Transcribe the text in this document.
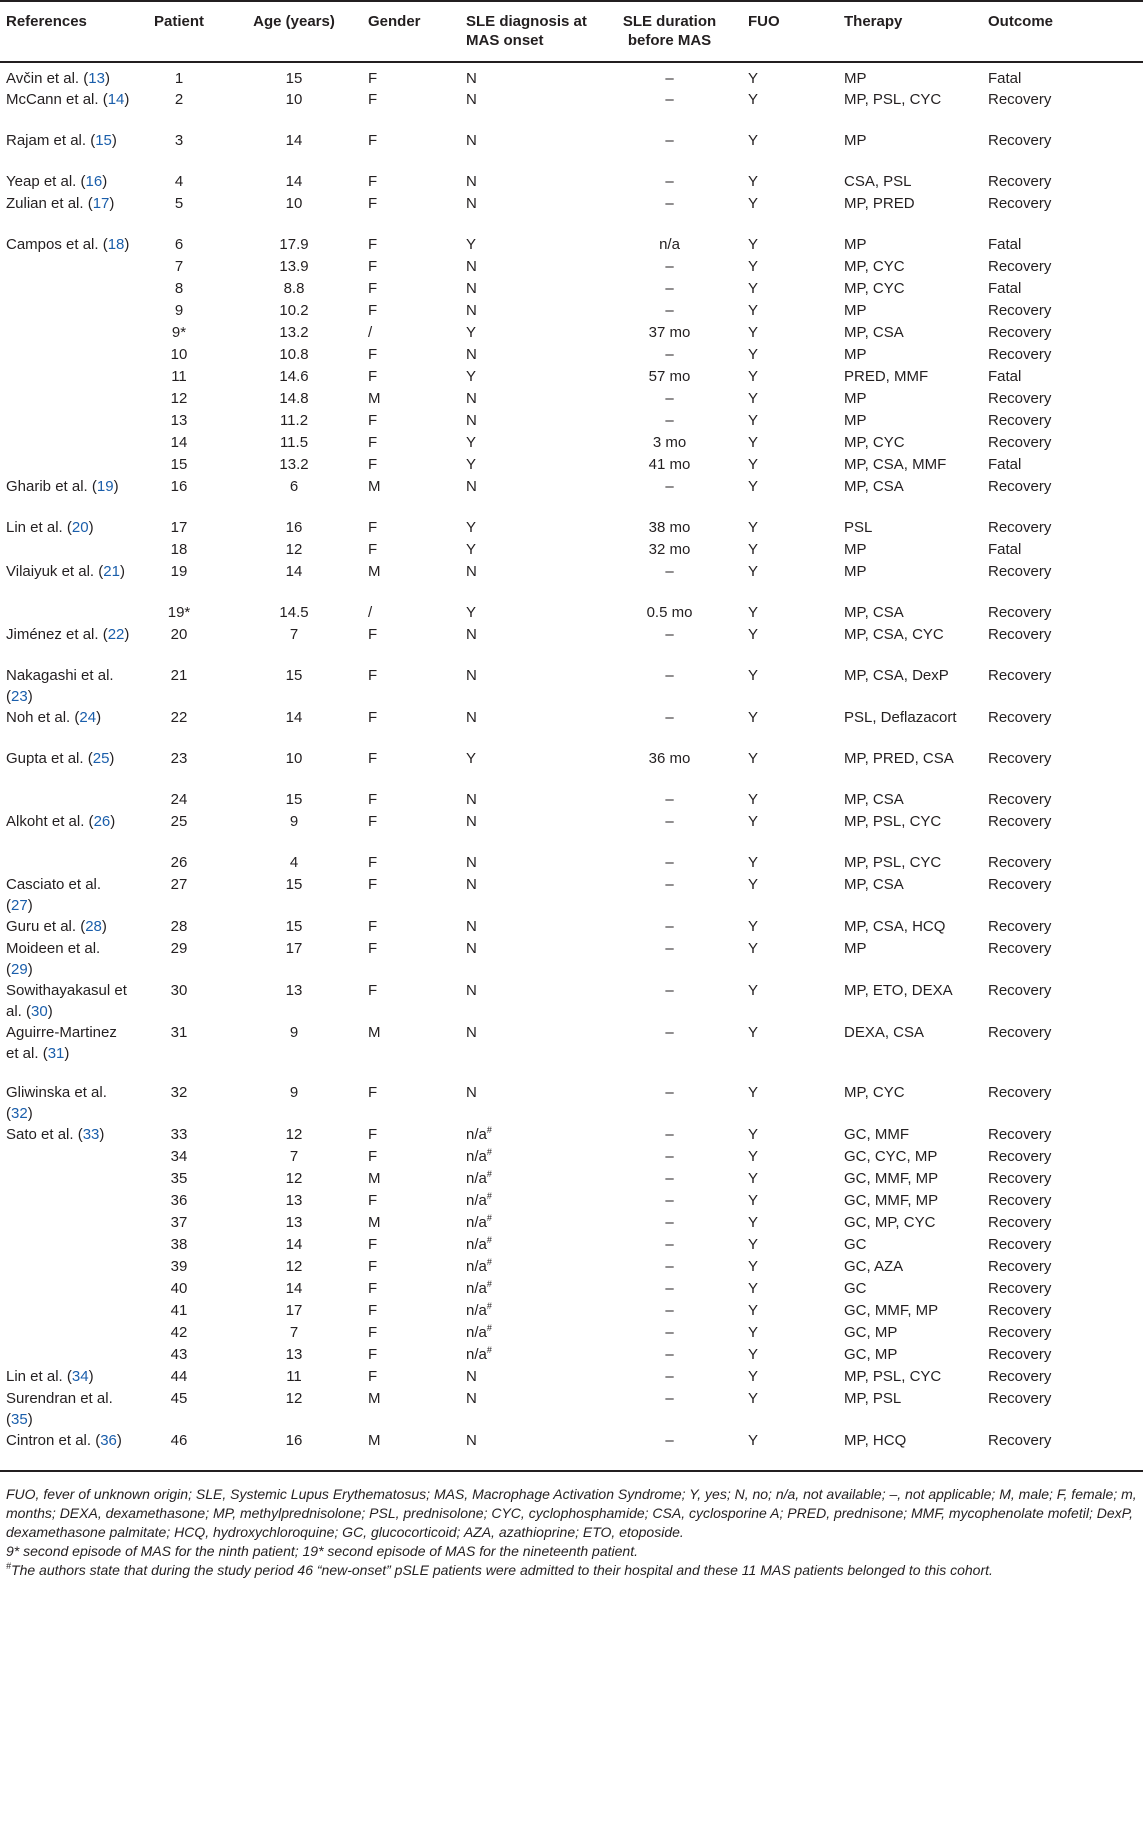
References	Patient	Age (years)	Gender	SLE diagnosis at MAS onset	SLE duration before MAS	FUO	Therapy	Outcome
Avčin et al. (13)	1	15	F	N	–	Y	MP	Fatal
McCann et al. (14)	2	10	F	N	–	Y	MP, PSL, CYC	Recovery
Rajam et al. (15)	3	14	F	N	–	Y	MP	Recovery
Yeap et al. (16)	4	14	F	N	–	Y	CSA, PSL	Recovery
Zulian et al. (17)	5	10	F	N	–	Y	MP, PRED	Recovery
Campos et al. (18)	6	17.9	F	Y	n/a	Y	MP	Fatal
	7	13.9	F	N	–	Y	MP, CYC	Recovery
	8	8.8	F	N	–	Y	MP, CYC	Fatal
	9	10.2	F	N	–	Y	MP	Recovery
	9*	13.2	/	Y	37 mo	Y	MP, CSA	Recovery
	10	10.8	F	N	–	Y	MP	Recovery
	11	14.6	F	Y	57 mo	Y	PRED, MMF	Fatal
	12	14.8	M	N	–	Y	MP	Recovery
	13	11.2	F	N	–	Y	MP	Recovery
	14	11.5	F	Y	3 mo	Y	MP, CYC	Recovery
	15	13.2	F	Y	41 mo	Y	MP, CSA, MMF	Fatal
Gharib et al. (19)	16	6	M	N	–	Y	MP, CSA	Recovery
Lin et al. (20)	17	16	F	Y	38 mo	Y	PSL	Recovery
	18	12	F	Y	32 mo	Y	MP	Fatal
Vilaiyuk et al. (21)	19	14	M	N	–	Y	MP	Recovery
	19*	14.5	/	Y	0.5 mo	Y	MP, CSA	Recovery
Jiménez et al. (22)	20	7	F	N	–	Y	MP, CSA, CYC	Recovery
Nakagashi et al. (23)	21	15	F	N	–	Y	MP, CSA, DexP	Recovery
Noh et al. (24)	22	14	F	N	–	Y	PSL, Deflazacort	Recovery
Gupta et al. (25)	23	10	F	Y	36 mo	Y	MP, PRED, CSA	Recovery
	24	15	F	N	–	Y	MP, CSA	Recovery
Alkoht et al. (26)	25	9	F	N	–	Y	MP, PSL, CYC	Recovery
	26	4	F	N	–	Y	MP, PSL, CYC	Recovery
Casciato et al. (27)	27	15	F	N	–	Y	MP, CSA	Recovery
Guru et al. (28)	28	15	F	N	–	Y	MP, CSA, HCQ	Recovery
Moideen et al. (29)	29	17	F	N	–	Y	MP	Recovery
Sowithayakasul et al. (30)	30	13	F	N	–	Y	MP, ETO, DEXA	Recovery
Aguirre-Martinez et al. (31)	31	9	M	N	–	Y	DEXA, CSA	Recovery
Gliwinska et al. (32)	32	9	F	N	–	Y	MP, CYC	Recovery
Sato et al. (33)	33	12	F	n/a#	–	Y	GC, MMF	Recovery
	34	7	F	n/a#	–	Y	GC, CYC, MP	Recovery
	35	12	M	n/a#	–	Y	GC, MMF, MP	Recovery
	36	13	F	n/a#	–	Y	GC, MMF, MP	Recovery
	37	13	M	n/a#	–	Y	GC, MP, CYC	Recovery
	38	14	F	n/a#	–	Y	GC	Recovery
	39	12	F	n/a#	–	Y	GC, AZA	Recovery
	40	14	F	n/a#	–	Y	GC	Recovery
	41	17	F	n/a#	–	Y	GC, MMF, MP	Recovery
	42	7	F	n/a#	–	Y	GC, MP	Recovery
	43	13	F	n/a#	–	Y	GC, MP	Recovery
Lin et al. (34)	44	11	F	N	–	Y	MP, PSL, CYC	Recovery
Surendran et al. (35)	45	12	M	N	–	Y	MP, PSL	Recovery
Cintron et al. (36)	46	16	M	N	–	Y	MP, HCQ	Recovery

FUO, fever of unknown origin; SLE, Systemic Lupus Erythematosus; MAS, Macrophage Activation Syndrome; Y, yes; N, no; n/a, not available; –, not applicable; M, male; F, female; m, months; DEXA, dexamethasone; MP, methylprednisolone; PSL, prednisolone; CYC, cyclophosphamide; CSA, cyclosporine A; PRED, prednisone; MMF, mycophenolate mofetil; DexP, dexamethasone palmitate; HCQ, hydroxychloroquine; GC, glucocorticoid; AZA, azathioprine; ETO, etoposide.

9* second episode of MAS for the ninth patient; 19* second episode of MAS for the nineteenth patient.

#The authors state that during the study period 46 “new-onset” pSLE patients were admitted to their hospital and these 11 MAS patients belonged to this cohort.
